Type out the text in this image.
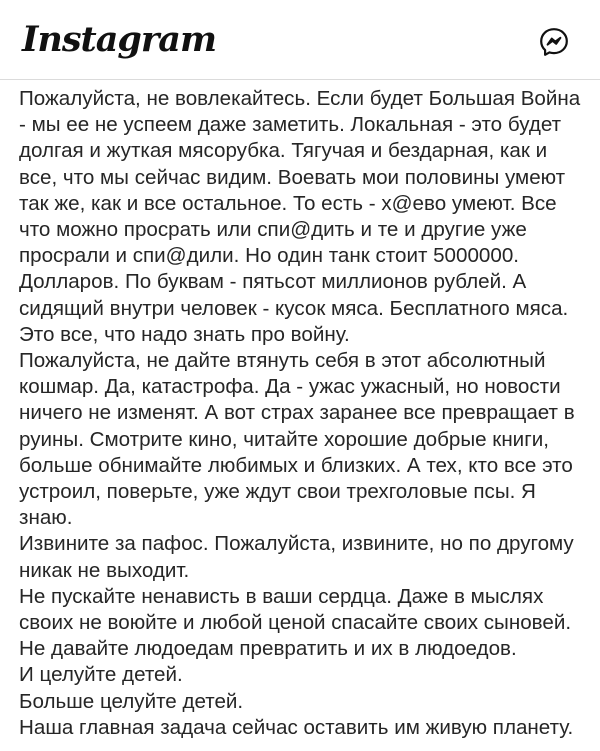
Instagram

Пожалуйста, не вовлекайтесь. Если будет Большая Война - мы ее не успеем даже заметить. Локальная - это будет долгая и жуткая мясорубка. Тягучая и бездарная, как и все, что мы сейчас видим. Воевать мои половины умеют так же, как и все остальное. То есть - х@ево умеют. Все что можно просрать или спи@дить и те и другие уже просрали и спи@дили. Но один танк стоит 5000000. Долларов. По буквам - пятьсот миллионов рублей. А сидящий внутри человек - кусок мяса. Бесплатного мяса. Это все, что надо знать про войну.

Пожалуйста, не дайте втянуть себя в этот абсолютный кошмар. Да, катастрофа. Да - ужас ужасный, но новости ничего не изменят. А вот страх заранее все превращает в руины. Смотрите кино, читайте хорошие добрые книги, больше обнимайте любимых и близких. А тех, кто все это устроил, поверьте, уже ждут свои трехголовые псы. Я знаю.

Извините за пафос. Пожалуйста, извините, но по другому никак не выходит.

Не пускайте ненависть в ваши сердца. Даже в мыслях своих не воюйте и любой ценой спасайте своих сыновей.

Не давайте людоедам превратить и их в людоедов.

И целуйте детей.

Больше целуйте детей.

Наша главная задача сейчас оставить им живую планету.
